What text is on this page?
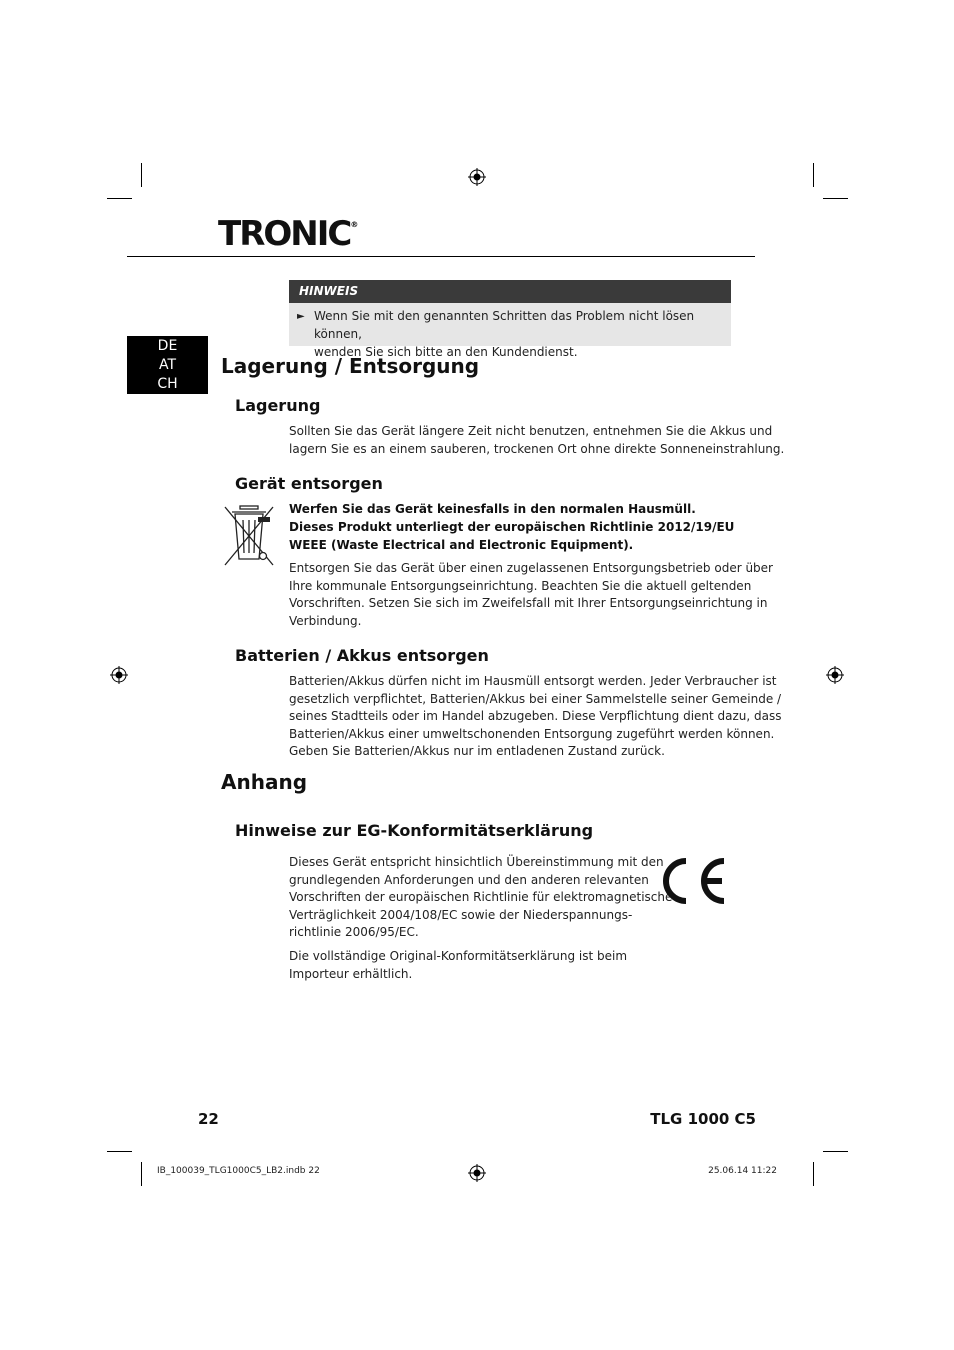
TRONIC®
DE
AT
CH
HINWEIS
► Wenn Sie mit den genannten Schritten das Problem nicht lösen können,
wenden Sie sich bitte an den Kundendienst.
Lagerung / Entsorgung
Lagerung
Sollten Sie das Gerät längere Zeit nicht benutzen, entnehmen Sie die Akkus und
lagern Sie es an einem sauberen, trockenen Ort ohne direkte Sonneneinstrahlung.
Gerät entsorgen
Werfen Sie das Gerät keinesfalls in den normalen Hausmüll.
Dieses Produkt unterliegt der europäischen Richtlinie 2012/19/EU
WEEE (Waste Electrical and Electronic Equipment).
Entsorgen Sie das Gerät über einen zugelassenen Entsorgungsbetrieb oder über
Ihre kommunale Entsorgungseinrichtung. Beachten Sie die aktuell geltenden
Vorschriften. Setzen Sie sich im Zweifelsfall mit Ihrer Entsorgungseinrichtung in
Verbindung.
Batterien / Akkus entsorgen
Batterien/Akkus dürfen nicht im Hausmüll entsorgt werden. Jeder Verbraucher ist
gesetzlich verpflichtet, Batterien/Akkus bei einer Sammelstelle seiner Gemeinde /
seines Stadtteils oder im Handel abzugeben. Diese Verpflichtung dient dazu, dass
Batterien/Akkus einer umweltschonenden Entsorgung zugeführt werden können.
Geben Sie Batterien/Akkus nur im entladenen Zustand zurück.
Anhang
Hinweise zur EG-Konformitätserklärung
Dieses Gerät entspricht hinsichtlich Übereinstimmung mit den
grundlegenden Anforderungen und den anderen relevanten
Vorschriften der europäischen Richtlinie für elektromagnetische
Verträglichkeit 2004/108/EC sowie der Niederspannungs-
richtlinie 2006/95/EC.
Die vollständige Original-Konformitätserklärung ist beim
Importeur erhältlich.
22	TLG 1000 C5
IB_100039_TLG1000C5_LB2.indb 22	25.06.14 11:22
